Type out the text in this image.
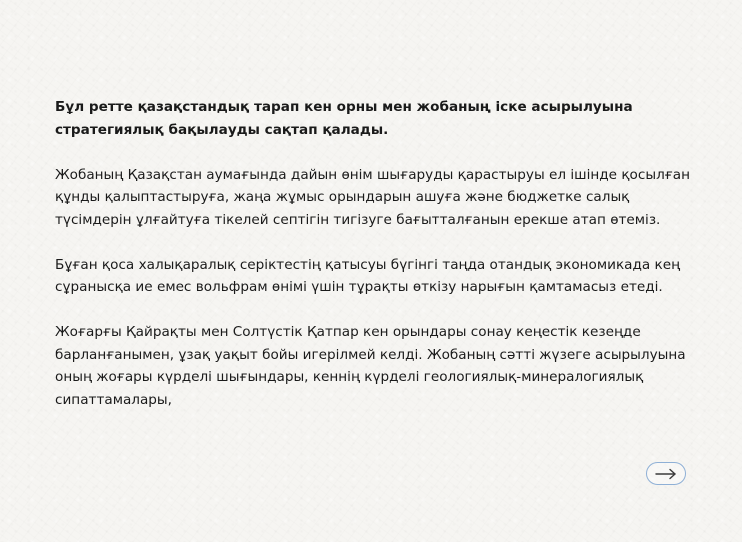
Бұл ретте қазақстандық тарап кен орны мен жобаның іске асырылуына стратегиялық бақылауды сақтап қалады.

Жобаның Қазақстан аумағында дайын өнім шығаруды қарастыруы ел ішінде қосылған құнды қалыптастыруға, жаңа жұмыс орындарын ашуға және бюджетке салық түсімдерін ұлғайтуға тікелей септігін тигізуге бағытталғанын ерекше атап өтеміз.

Бұған қоса халықаралық серіктестің қатысуы бүгінгі таңда отандық экономикада кең сұранысқа ие емес вольфрам өнімі үшін тұрақты өткізу нарығын қамтамасыз етеді.

Жоғарғы Қайрақты мен Солтүстік Қатпар кен орындары сонау кеңестік кезеңде барланғанымен, ұзақ уақыт бойы игерілмей келді. Жобаның сәтті жүзеге асырылуына оның жоғары күрделі шығындары, кеннің күрделі геологиялық-минералогиялық сипаттамалары,
